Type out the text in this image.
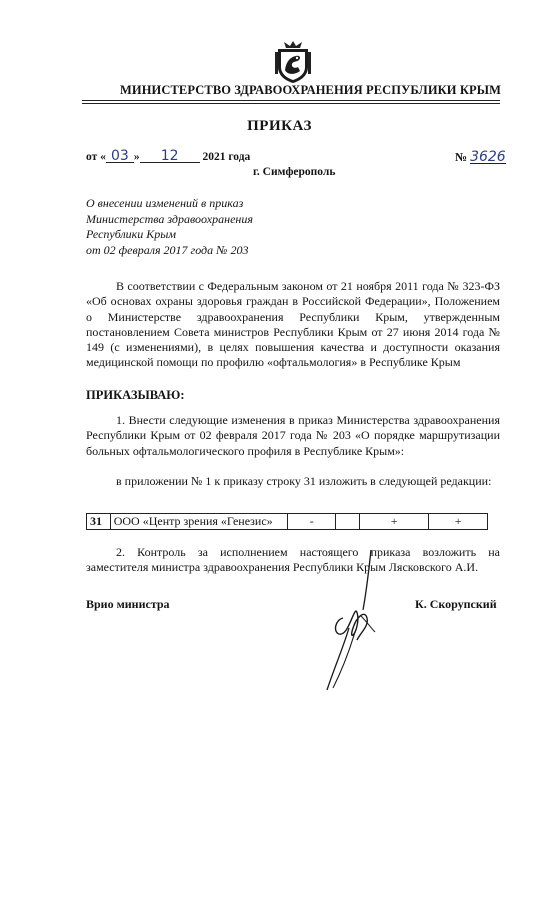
МИНИСТЕРСТВО ЗДРАВООХРАНЕНИЯ РЕСПУБЛИКИ КРЫМ
ПРИКАЗ
от « 03 » 12 2021 года	№ 3626
г. Симферополь
О внесении изменений в приказ
Министерства здравоохранения
Республики Крым
от 02 февраля 2017 года № 203
В соответствии с Федеральным законом от 21 ноября 2011 года № 323-ФЗ «Об основах охраны здоровья граждан в Российской Федерации», Положением о Министерстве здравоохранения Республики Крым, утвержденным постановлением Совета министров Республики Крым от 27 июня 2014 года № 149 (с изменениями), в целях повышения качества и доступности оказания медицинской помощи по профилю «офтальмология» в Республике Крым
ПРИКАЗЫВАЮ:
1. Внести следующие изменения в приказ Министерства здравоохранения Республики Крым от 02 февраля 2017 года № 203 «О порядке маршрутизации больных офтальмологического профиля в Республике Крым»:
в приложении № 1 к приказу строку 31 изложить в следующей редакции:
31	ООО «Центр зрения «Генезис»	-		+	+
2. Контроль за исполнением настоящего приказа возложить на заместителя министра здравоохранения Республики Крым Лясковского А.И.
Врио министра	К. Скорупский
